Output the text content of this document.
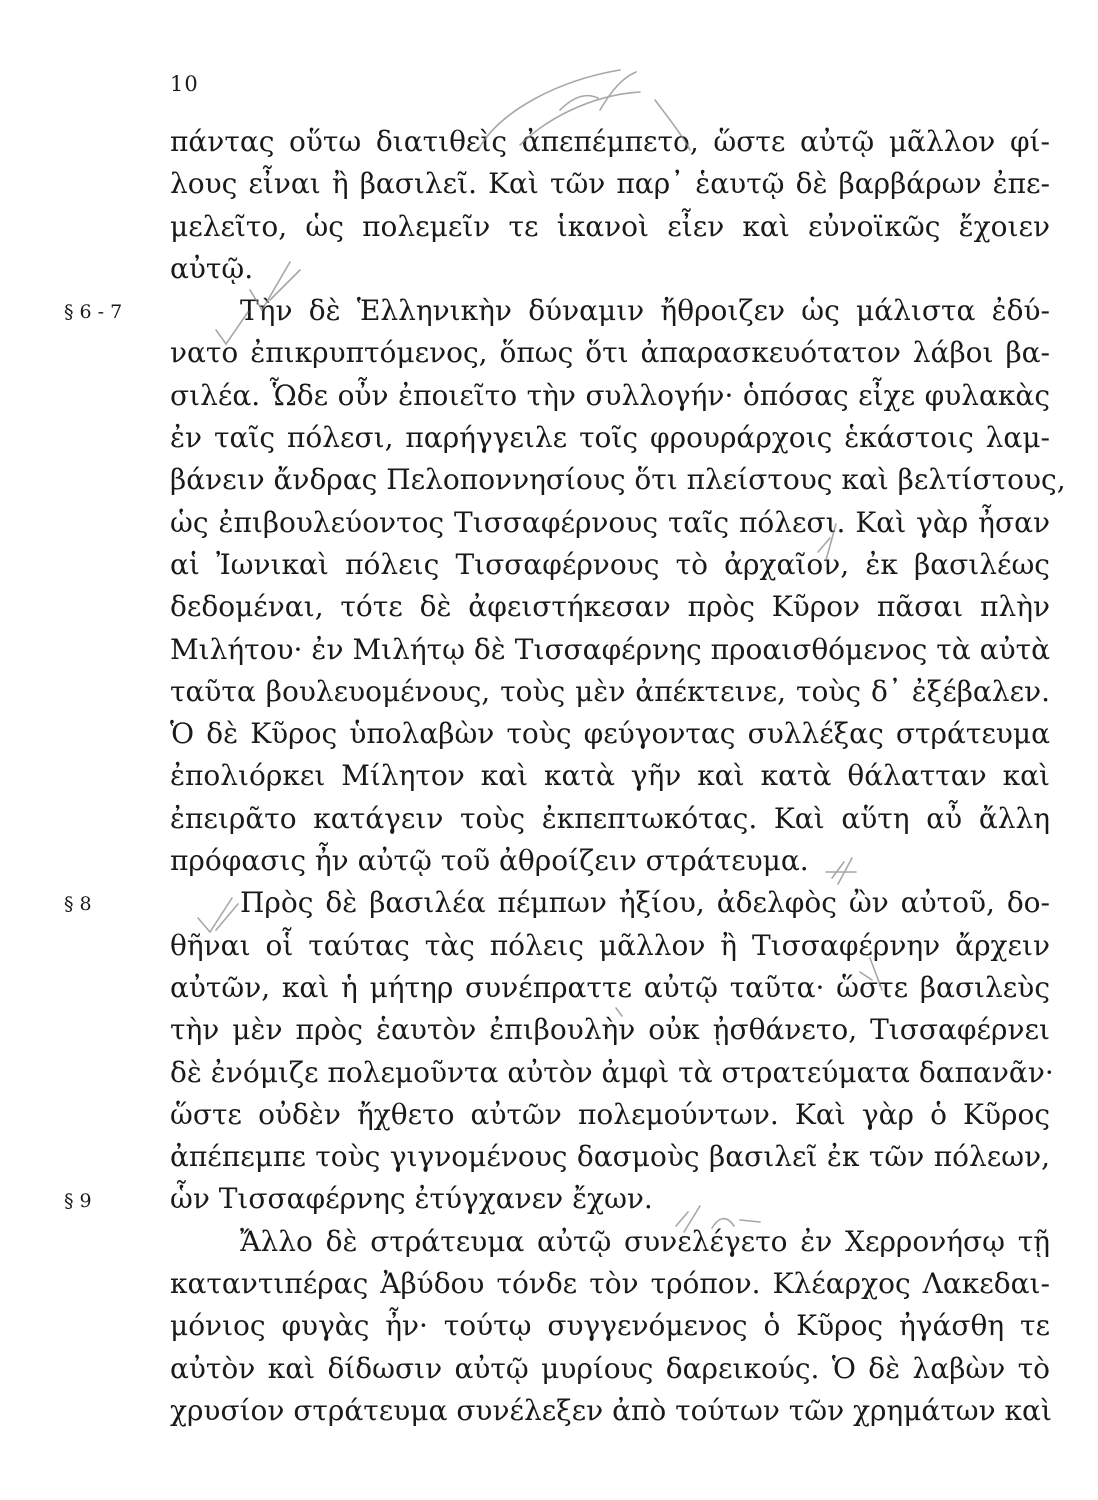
10
πάντας οὕτω διατιθεὶς ἀπεπέμπετο, ὥστε αὐτῷ μᾶλλον φί-
λους εἶναι ἢ βασιλεῖ. Καὶ τῶν παρ᾽ ἑαυτῷ δὲ βαρβάρων ἐπε-
μελεῖτο, ὡς πολεμεῖν τε ἱκανοὶ εἶεν καὶ εὐνοϊκῶς ἔχοιεν
αὐτῷ.
Τὴν δὲ Ἑλληνικὴν δύναμιν ἤθροιζεν ὡς μάλιστα ἐδύ-
νατο ἐπικρυπτόμενος, ὅπως ὅτι ἀπαρασκευότατον λάβοι βα-
σιλέα. Ὧδε οὖν ἐποιεῖτο τὴν συλλογήν· ὁπόσας εἶχε φυλακὰς
ἐν ταῖς πόλεσι, παρήγγειλε τοῖς φρουράρχοις ἑκάστοις λαμ-
βάνειν ἄνδρας Πελοποννησίους ὅτι πλείστους καὶ βελτίστους,
ὡς ἐπιβουλεύοντος Τισσαφέρνους ταῖς πόλεσι. Καὶ γὰρ ἦσαν
αἱ Ἰωνικαὶ πόλεις Τισσαφέρνους τὸ ἀρχαῖον, ἐκ βασιλέως
δεδομέναι, τότε δὲ ἀφειστήκεσαν πρὸς Κῦρον πᾶσαι πλὴν
Μιλήτου· ἐν Μιλήτῳ δὲ Τισσαφέρνης προαισθόμενος τὰ αὐτὰ
ταῦτα βουλευομένους, τοὺς μὲν ἀπέκτεινε, τοὺς δ᾽ ἐξέβαλεν.
Ὁ δὲ Κῦρος ὑπολαβὼν τοὺς φεύγοντας συλλέξας στράτευμα
ἐπολιόρκει Μίλητον καὶ κατὰ γῆν καὶ κατὰ θάλατταν καὶ
ἐπειρᾶτο κατάγειν τοὺς ἐκπεπτωκότας. Καὶ αὕτη αὖ ἄλλη
πρόφασις ἦν αὐτῷ τοῦ ἀθροίζειν στράτευμα.
Πρὸς δὲ βασιλέα πέμπων ἠξίου, ἀδελφὸς ὢν αὐτοῦ, δο-
θῆναι οἷ ταύτας τὰς πόλεις μᾶλλον ἢ Τισσαφέρνην ἄρχειν
αὐτῶν, καὶ ἡ μήτηρ συνέπραττε αὐτῷ ταῦτα· ὥστε βασιλεὺς
τὴν μὲν πρὸς ἑαυτὸν ἐπιβουλὴν οὐκ ᾐσθάνετο, Τισσαφέρνει
δὲ ἐνόμιζε πολεμοῦντα αὐτὸν ἀμφὶ τὰ στρατεύματα δαπανᾶν·
ὥστε οὐδὲν ἤχθετο αὐτῶν πολεμούντων. Καὶ γὰρ ὁ Κῦρος
ἀπέπεμπε τοὺς γιγνομένους δασμοὺς βασιλεῖ ἐκ τῶν πόλεων,
ὧν Τισσαφέρνης ἐτύγχανεν ἔχων.
Ἄλλο δὲ στράτευμα αὐτῷ συνελέγετο ἐν Χερρονήσῳ τῇ
καταντιπέρας Ἀβύδου τόνδε τὸν τρόπον. Κλέαρχος Λακεδαι-
μόνιος φυγὰς ἦν· τούτῳ συγγενόμενος ὁ Κῦρος ἠγάσθη τε
αὐτὸν καὶ δίδωσιν αὐτῷ μυρίους δαρεικούς. Ὁ δὲ λαβὼν τὸ
χρυσίον στράτευμα συνέλεξεν ἀπὸ τούτων τῶν χρημάτων καὶ
§ 6 - 7
§ 8
§ 9
